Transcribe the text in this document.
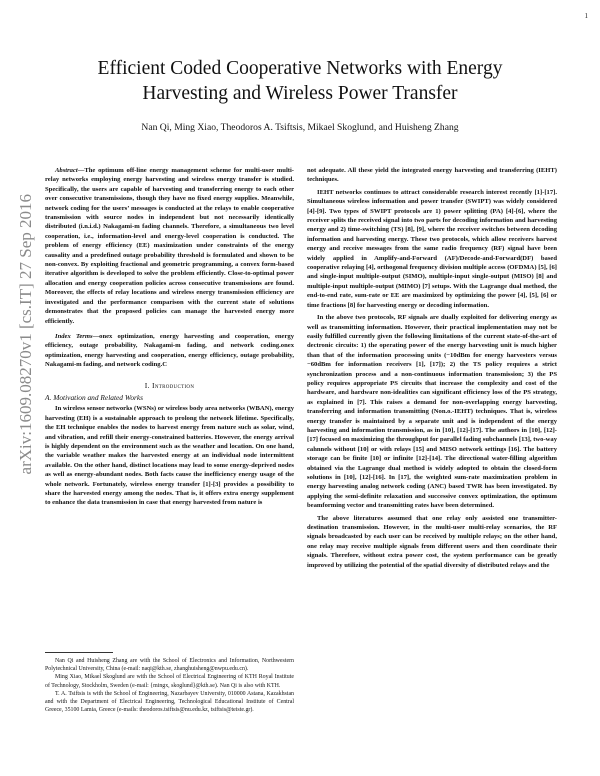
1
arXiv:1609.08270v1 [cs.IT] 27 Sep 2016
Efficient Coded Cooperative Networks with Energy
Harvesting and Wireless Power Transfer
Nan Qi, Ming Xiao, Theodoros A. Tsiftsis, Mikael Skoglund, and Huisheng Zhang

Abstract—The optimum off-line energy management scheme for multi-user multi-relay networks employing energy harvesting and wireless energy transfer is studied. Specifically, the users are capable of harvesting and transferring energy to each other over consecutive transmissions, though they have no fixed energy supplies. Meanwhile, network coding for the users’ messages is conducted at the relays to enable cooperative transmission with source nodes in independent but not necessarily identically distributed (i.n.i.d.) Nakagami-m fading channels. Therefore, a simultaneous two level cooperation, i.e., information-level and energy-level cooperation is conducted. The problem of energy efficiency (EE) maximization under constraints of the energy causality and a predefined outage probability threshold is formulated and shown to be non-convex. By exploiting fractional and geometric programming, a convex form-based iterative algorithm is developed to solve the problem efficiently. Close-to-optimal power allocation and energy cooperation policies across consecutive transmissions are found. Moreover, the effects of relay locations and wireless energy transmission efficiency are investigated and the performance comparison with the current state of solutions demonstrates that the proposed policies can manage the harvested energy more efficiently.

Index Terms—onex optimization, energy harvesting and cooperation, energy efficiency, outage probability, Nakagami-m fading, and network coding.onex optimization, energy harvesting and cooperation, energy efficiency, outage probability, Nakagami-m fading, and network coding.C

I. Introduction
A. Motivation and Related Works

In wireless sensor networks (WSNs) or wireless body area networks (WBAN), energy harvesting (EH) is a sustainable approach to prolong the network lifetime. Specifically, the EH technique enables the nodes to harvest energy from nature such as solar, wind, and vibration, and refill their energy-constrained batteries. However, the energy arrival is highly dependent on the environment such as the weather and location. On one hand, the variable weather makes the harvested energy at an individual node intermittent available. On the other hand, distinct locations may lead to some energy-deprived nodes as well as energy-abundant nodes. Both facts cause the inefficiency energy usage of the whole network. Fortunately, wireless energy transfer [1]-[3] provides a possibility to share the harvested energy among the nodes. That is, it offers extra energy supplement to enhance the data transmission in case that energy harvested from nature is

Nan Qi and Huisheng Zhang are with the School of Electronics and Information, Northwestern Polytechnical University, China (e-mail: naqi@kth.se, zhanghuisheng@nwpu.edu.cn).

Ming Xiao, Mikael Skoglund are with the School of Electrical Engineering of KTH Royal Institute of Technology, Stockholm, Sweden (e-mail: {mingx, skoglund}@kth.se). Nan Qi is also with KTH.

T. A. Tsiftsis is with the School of Engineering, Nazarbayev University, 010000 Astana, Kazakhstan and with the Department of Electrical Engineering, Technological Educational Institute of Central Greece, 35100 Lamia, Greece (e-mails: theodoros.tsiftsis@nu.edu.kz, tsiftsis@teiste.gr).

not adequate. All these yield the integrated energy harvesting and transferring (IEHT) techniques.

IEHT networks continues to attract considerable research interest recently [1]-[17]. Simultaneous wireless information and power transfer (SWIPT) was widely considered [4]-[9]. Two types of SWIPT protocols are 1) power splitting (PA) [4]-[6], where the receiver splits the received signal into two parts for decoding information and harvesting energy and 2) time-switching (TS) [8], [9], where the receiver switches between decoding information and harvesting energy. These two protocols, which allow receivers harvest energy and receive messages from the same radio frequency (RF) signal have been widely applied in Amplify-and-Forward (AF)/Decode-and-Forward(DF) based cooperative relaying [4], orthogonal frequency division multiple access (OFDMA) [5], [6] and single-input multiple-output (SIMO), multiple-input single-output (MISO) [8] and multiple-input multiple-output (MIMO) [7] setups. With the Lagrange dual method, the end-to-end rate, sum-rate or EE are maximized by optimizing the power [4], [5], [6] or time fractions [8] for harvesting energy or decoding information.

In the above two protocols, RF signals are dually exploited for delivering energy as well as transmitting information. However, their practical implementation may not be easily fulfilled currently given the following limitations of the current state-of-the-art of dectronic circuits: 1) the operating power of the energy harvesting unit is much higher than that of the information processing units (−10dBm for energy harvesters versus −60dBm for information receivers [1], [17]); 2) the TS policy requires a strict synchronization process and a non-continuous information transmission; 3) the PS policy requires appropriate PS circuits that increase the complexity and cost of the hardware, and hardware non-idealities can significant efficiency loss of the PS strategy, as explained in [7]. This raises a demand for non-overlapping energy harvesting, transferring and information transmitting (Non.o.-IEHT) techniques. That is, wireless energy transfer is maintained by a separate unit and is independent of the energy harvesting and information transmission, as in [10], [12]-[17]. The authors in [10], [12]-[17] focused on maximizing the throughput for parallel fading subchannels [13], two-way cahnnels without [10] or with relays [15] and MISO network settings [16]. The battery storage can be finite [10] or infinite [12]-[14]. The directional water-filling algorithm obtained via the Lagrange dual method is widely adopted to obtain the closed-form solutions in [10], [12]-[16]. In [17], the weighted sum-rate maximization problem in energy harvesting analog network coding (ANC) based TWR has been investigated. By applying the semi-definite relaxation and successive convex optimization, the optimum beamforming vector and transmitting rates have been determined.

The above literatures assumed that one relay only assisted one transmitter-destination transmission. However, in the multi-user multi-relay scenarios, the RF signals broadcasted by each user can be received by multiple relays; on the other hand, one relay may receive multiple signals from different users and then coordinate their signals. Therefore, without extra power cost, the system performance can be greatly improved by utilizing the potential of the spatial diversity of distributed relays and the
